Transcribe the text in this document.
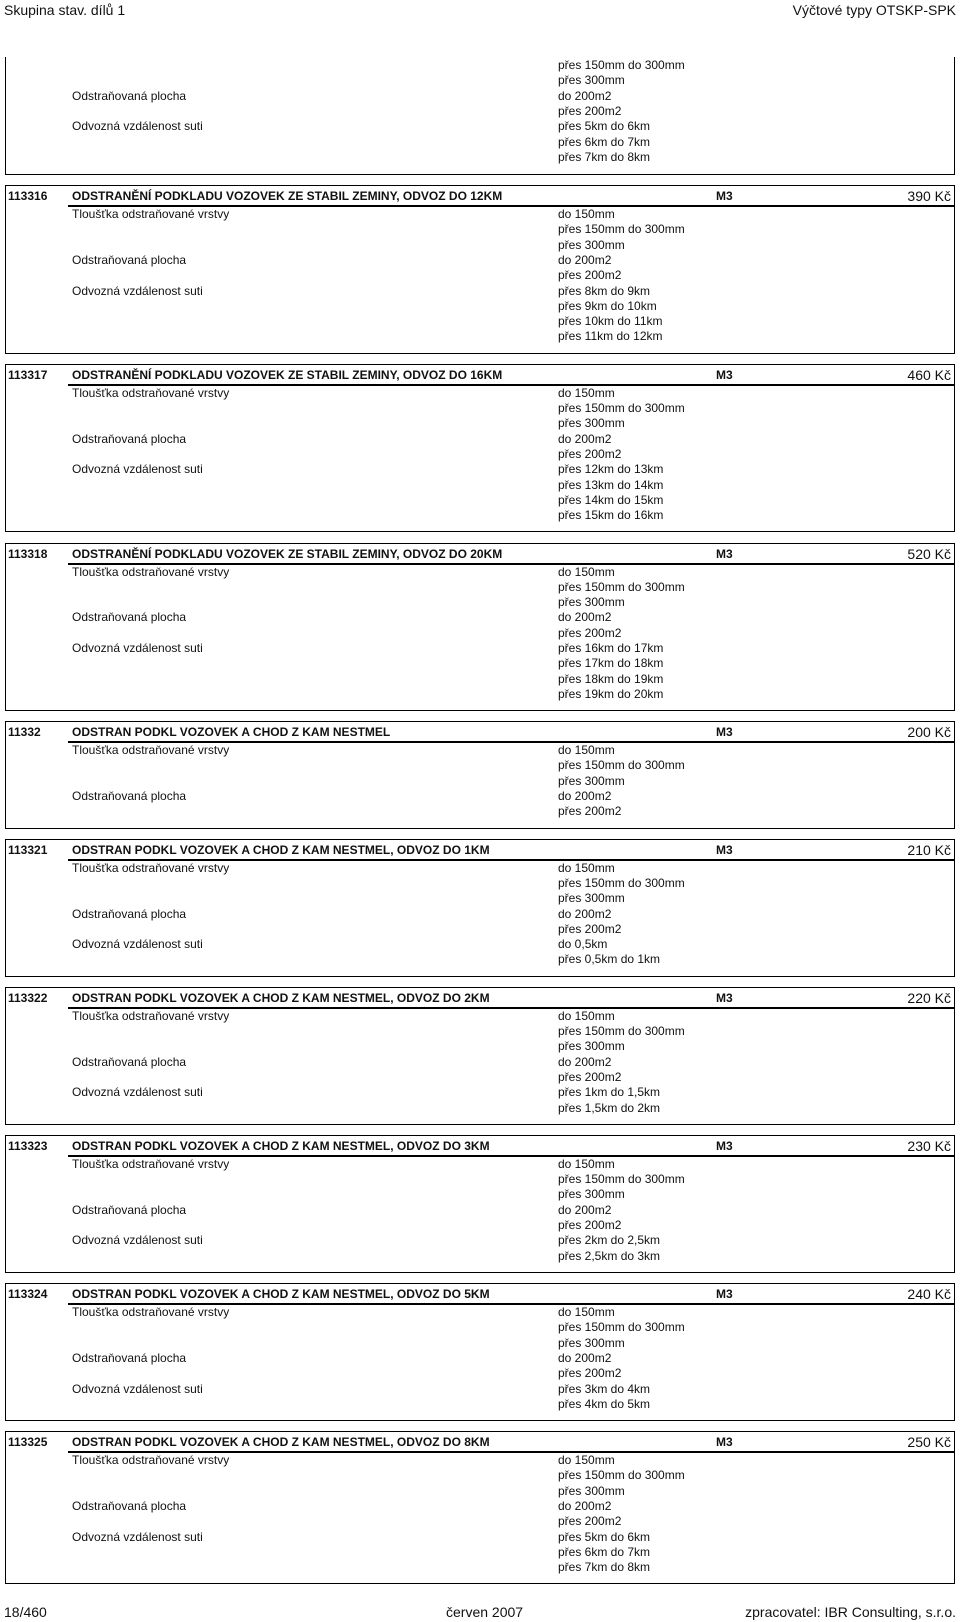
Skupina stav. dílů 1	Výčtové typy OTSKP-SPK
přes 150mm do 300mm
přes 300mm
Odstraňovaná plocha	do 200m2
přes 200m2
Odvozná vzdálenost suti	přes 5km do 6km
přes 6km do 7km
přes 7km do 8km
113316 ODSTRANĚNÍ PODKLADU VOZOVEK ZE STABIL ZEMINY, ODVOZ DO 12KM	M3	390 Kč
Tloušťka odstraňované vrstvy	do 150mm
přes 150mm do 300mm
přes 300mm
Odstraňovaná plocha	do 200m2
přes 200m2
Odvozná vzdálenost suti	přes 8km do 9km
přes 9km do 10km
přes 10km do 11km
přes 11km do 12km
113317 ODSTRANĚNÍ PODKLADU VOZOVEK ZE STABIL ZEMINY, ODVOZ DO 16KM	M3	460 Kč
Tloušťka odstraňované vrstvy	do 150mm
přes 150mm do 300mm
přes 300mm
Odstraňovaná plocha	do 200m2
přes 200m2
Odvozná vzdálenost suti	přes 12km do 13km
přes 13km do 14km
přes 14km do 15km
přes 15km do 16km
113318 ODSTRANĚNÍ PODKLADU VOZOVEK ZE STABIL ZEMINY, ODVOZ DO 20KM	M3	520 Kč
Tloušťka odstraňované vrstvy	do 150mm
přes 150mm do 300mm
přes 300mm
Odstraňovaná plocha	do 200m2
přes 200m2
Odvozná vzdálenost suti	přes 16km do 17km
přes 17km do 18km
přes 18km do 19km
přes 19km do 20km
11332	ODSTRAN PODKL VOZOVEK A CHOD Z KAM NESTMEL	M3	200 Kč
Tloušťka odstraňované vrstvy	do 150mm
přes 150mm do 300mm
přes 300mm
Odstraňovaná plocha	do 200m2
přes 200m2
113321 ODSTRAN PODKL VOZOVEK A CHOD Z KAM NESTMEL, ODVOZ DO 1KM	M3	210 Kč
Tloušťka odstraňované vrstvy	do 150mm
přes 150mm do 300mm
přes 300mm
Odstraňovaná plocha	do 200m2
přes 200m2
Odvozná vzdálenost suti	do 0,5km
přes 0,5km do 1km
113322 ODSTRAN PODKL VOZOVEK A CHOD Z KAM NESTMEL, ODVOZ DO 2KM	M3	220 Kč
Tloušťka odstraňované vrstvy	do 150mm
přes 150mm do 300mm
přes 300mm
Odstraňovaná plocha	do 200m2
přes 200m2
Odvozná vzdálenost suti	přes 1km do 1,5km
přes 1,5km do 2km
113323 ODSTRAN PODKL VOZOVEK A CHOD Z KAM NESTMEL, ODVOZ DO 3KM	M3	230 Kč
Tloušťka odstraňované vrstvy	do 150mm
přes 150mm do 300mm
přes 300mm
Odstraňovaná plocha	do 200m2
přes 200m2
Odvozná vzdálenost suti	přes 2km do 2,5km
přes 2,5km do 3km
113324 ODSTRAN PODKL VOZOVEK A CHOD Z KAM NESTMEL, ODVOZ DO 5KM	M3	240 Kč
Tloušťka odstraňované vrstvy	do 150mm
přes 150mm do 300mm
přes 300mm
Odstraňovaná plocha	do 200m2
přes 200m2
Odvozná vzdálenost suti	přes 3km do 4km
přes 4km do 5km
113325 ODSTRAN PODKL VOZOVEK A CHOD Z KAM NESTMEL, ODVOZ DO 8KM	M3	250 Kč
Tloušťka odstraňované vrstvy	do 150mm
přes 150mm do 300mm
přes 300mm
Odstraňovaná plocha	do 200m2
přes 200m2
Odvozná vzdálenost suti	přes 5km do 6km
přes 6km do 7km
přes 7km do 8km
18/460	červen 2007	zpracovatel: IBR Consulting, s.r.o.
